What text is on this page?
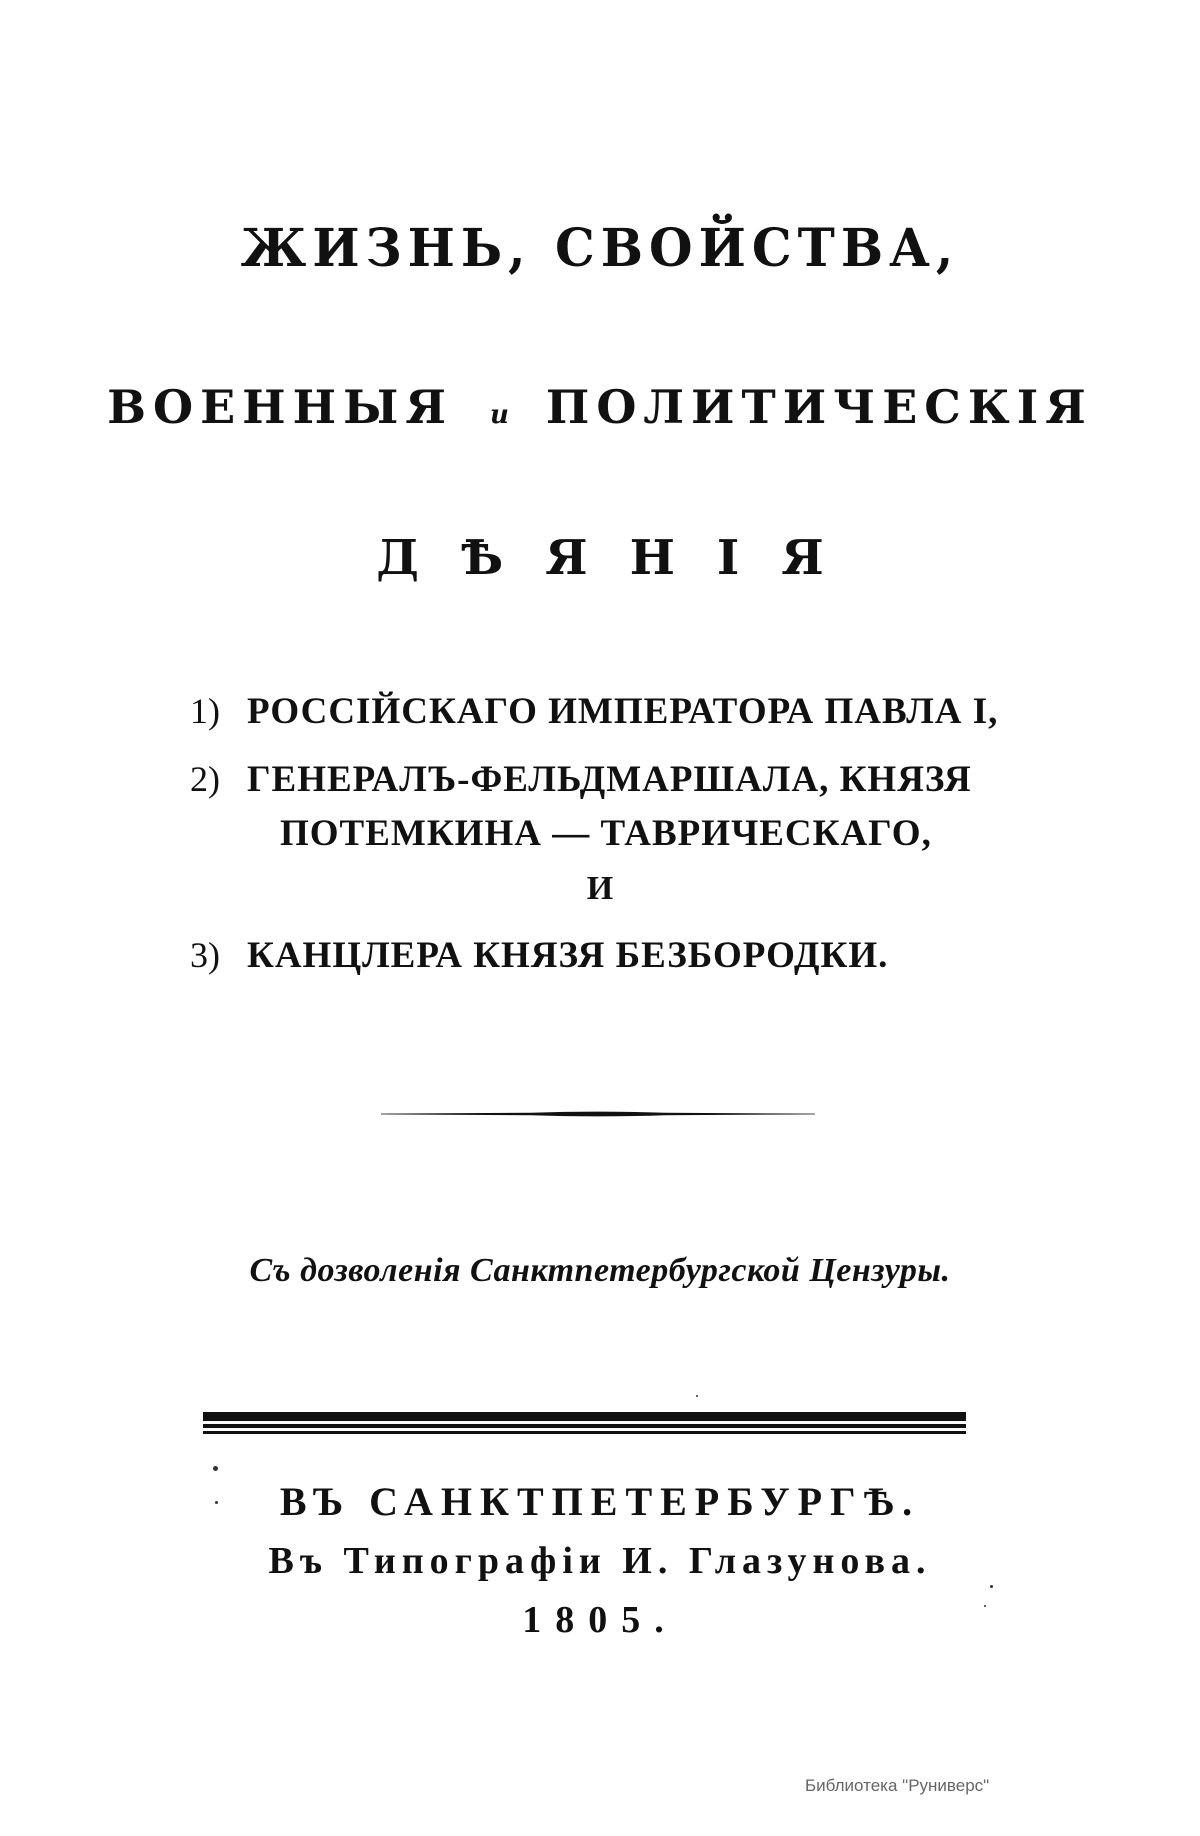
ЖИЗНЬ, СВОЙСТВА,
ВОЕННЫЯ и ПОЛИТИЧЕСКІЯ
ДѢЯНІЯ
1) РОССІЙСКАГО ИМПЕРАТОРА ПАВЛА I,
2) ГЕНЕРАЛЪ-ФЕЛЬДМАРШАЛА, КНЯЗЯ
ПОТЕМКИНА — ТАВРИЧЕСКАГО,
И
3) КАНЦЛЕРА КНЯЗЯ БЕЗБОРОДКИ.
Съ дозволенія Санктпетербургской Цензуры.
ВЪ САНКТПЕТЕРБУРГѢ.
Въ Типографіи И. Глазунова.
1805.
Библиотека "Руниверс"
